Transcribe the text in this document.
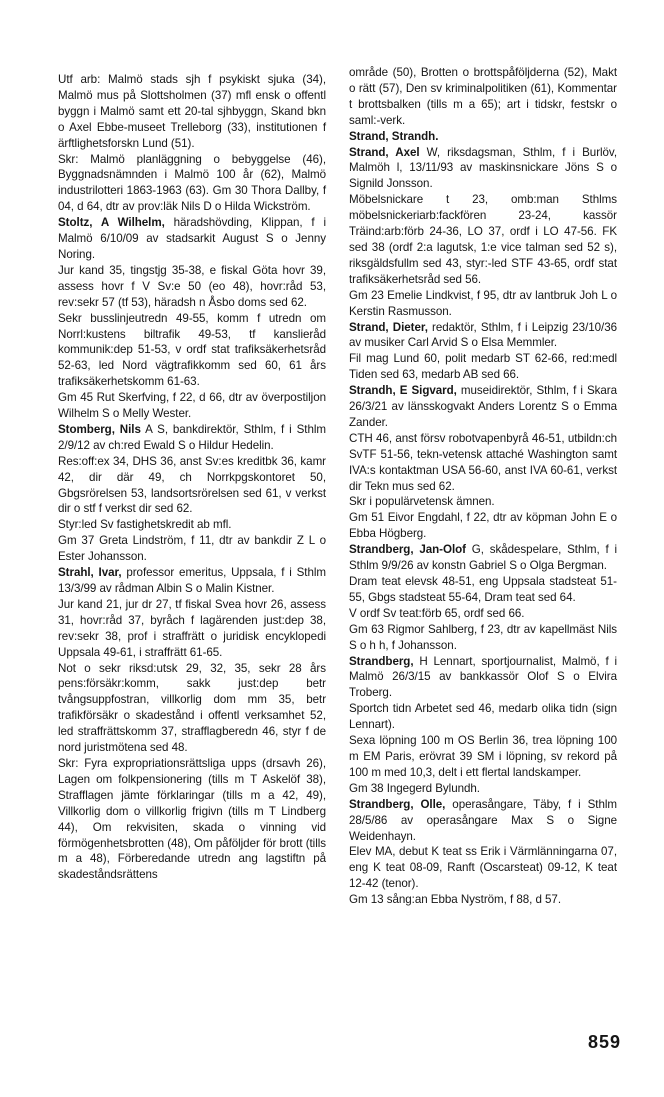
Utf arb: Malmö stads sjh f psykiskt sjuka (34), Malmö mus på Slottsholmen (37) mfl ensk o offentl byggn i Malmö samt ett 20-tal sjhbyggn, Skand bkn o Axel Ebbe-museet Trelleborg (33), institutionen f ärftlighetsforskn Lund (51).

Skr: Malmö planläggning o bebyggelse (46), Byggnadsnämnden i Malmö 100 år (62), Malmö industrilotteri 1863-1963 (63). Gm 30 Thora Dallby, f 04, d 64, dtr av prov:läk Nils D o Hilda Wickström.

Stoltz, A Wilhelm, häradshövding, Klippan, f i Malmö 6/10/09 av stadsarkit August S o Jenny Noring.

Jur kand 35, tingstjg 35-38, e fiskal Göta hovr 39, assess hovr f V Sv:e 50 (eo 48), hovr:råd 53, rev:sekr 57 (tf 53), häradsh n Åsbo doms sed 62.

Sekr busslinjeutredn 49-55, komm f utredn om Norrl:kustens biltrafik 49-53, tf kanslieråd kommunik:dep 51-53, v ordf stat trafiksäkerhetsråd 52-63, led Nord vägtrafikkomm sed 60, 61 års trafiksäkerhetskomm 61-63.

Gm 45 Rut Skerfving, f 22, d 66, dtr av överpostiljon Wilhelm S o Melly Wester.

Stomberg, Nils A S, bankdirektör, Sthlm, f i Sthlm 2/9/12 av ch:red Ewald S o Hildur Hedelin.

Res:off:ex 34, DHS 36, anst Sv:es kreditbk 36, kamr 42, dir där 49, ch Norrkpgskontoret 50, Gbgsrörelsen 53, landsortsrörelsen sed 61, v verkst dir o stf f verkst dir sed 62.

Styr:led Sv fastighetskredit ab mfl.

Gm 37 Greta Lindström, f 11, dtr av bankdir Z L o Ester Johansson.

Strahl, Ivar, professor emeritus, Uppsala, f i Sthlm 13/3/99 av rådman Albin S o Malin Kistner.

Jur kand 21, jur dr 27, tf fiskal Svea hovr 26, assess 31, hovr:råd 37, byråch f lagärenden just:dep 38, rev:sekr 38, prof i straffrätt o juridisk encyklopedi Uppsala 49-61, i straffrätt 61-65.

Not o sekr riksd:utsk 29, 32, 35, sekr 28 års pens:försäkr:komm, sakk just:dep betr tvångsuppfostran, villkorlig dom mm 35, betr trafikförsäkr o skadestånd i offentl verksamhet 52, led straffrättskomm 37, strafflagberedn 46, styr f de nord juristmötena sed 48.

Skr: Fyra expropriationsrättsliga upps (drsavh 26), Lagen om folkpensionering (tills m T Askelöf 38), Strafflagen jämte förklaringar (tills m a 42, 49), Villkorlig dom o villkorlig frigivn (tills m T Lindberg 44), Om rekvisiten, skada o vinning vid förmögenhetsbrotten (48), Om påföljder för brott (tills m a 48), Förberedande utredn ang lagstiftn på skadeståndsrättens

område (50), Brotten o brottspåföljderna (52), Makt o rätt (57), Den sv kriminalpolitiken (61), Kommentar t brottsbalken (tills m a 65); art i tidskr, festskr o saml:-verk.

Strand, Strandh.

Strand, Axel W, riksdagsman, Sthlm, f i Burlöv, Malmöh l, 13/11/93 av maskinsnickare Jöns S o Signild Jonsson.

Möbelsnickare t 23, omb:man Sthlms möbelsnickeriarb:fackfören 23-24, kassör Träind:arb:förb 24-36, LO 37, ordf i LO 47-56. FK sed 38 (ordf 2:a lagutsk, 1:e vice talman sed 52 s), riksgäldsfullm sed 43, styr:-led STF 43-65, ordf stat trafiksäkerhetsråd sed 56.

Gm 23 Emelie Lindkvist, f 95, dtr av lantbruk Joh L o Kerstin Rasmusson.

Strand, Dieter, redaktör, Sthlm, f i Leipzig 23/10/36 av musiker Carl Arvid S o Elsa Memmler.

Fil mag Lund 60, polit medarb ST 62-66, red:medl Tiden sed 63, medarb AB sed 66.

Strandh, E Sigvard, museidirektör, Sthlm, f i Skara 26/3/21 av länsskogvakt Anders Lorentz S o Emma Zander.

CTH 46, anst försv robotvapenbyrå 46-51, utbildn:ch SvTF 51-56, tekn-vetensk attaché Washington samt IVA:s kontaktman USA 56-60, anst IVA 60-61, verkst dir Tekn mus sed 62.

Skr i populärvetensk ämnen.

Gm 51 Eivor Engdahl, f 22, dtr av köpman John E o Ebba Högberg.

Strandberg, Jan-Olof G, skådespelare, Sthlm, f i Sthlm 9/9/26 av konstn Gabriel S o Olga Bergman.

Dram teat elevsk 48-51, eng Uppsala stadsteat 51-55, Gbgs stadsteat 55-64, Dram teat sed 64.

V ordf Sv teat:förb 65, ordf sed 66.

Gm 63 Rigmor Sahlberg, f 23, dtr av kapellmäst Nils S o h h, f Johansson.

Strandberg, H Lennart, sportjournalist, Malmö, f i Malmö 26/3/15 av bankkassör Olof S o Elvira Troberg.

Sportch tidn Arbetet sed 46, medarb olika tidn (sign Lennart).

Sexa löpning 100 m OS Berlin 36, trea löpning 100 m EM Paris, erövrat 39 SM i löpning, sv rekord på 100 m med 10,3, delt i ett flertal landskamper.

Gm 38 Ingegerd Bylundh.

Strandberg, Olle, operasångare, Täby, f i Sthlm 28/5/86 av operasångare Max S o Signe Weidenhayn.

Elev MA, debut K teat ss Erik i Värmlänningarna 07, eng K teat 08-09, Ranft (Oscarsteat) 09-12, K teat 12-42 (tenor).

Gm 13 sång:an Ebba Nyström, f 88, d 57.

859
